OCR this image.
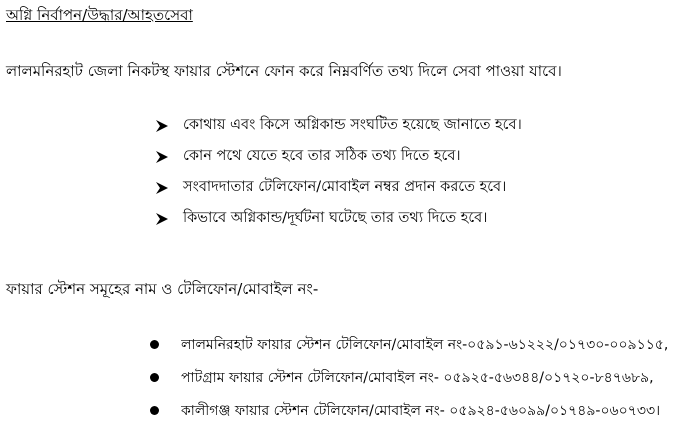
অগ্নি নির্বাপন/উদ্ধার/আহতসেবা
লালমনিরহাট জেলা নিকটস্থ ফায়ার স্টেশনে ফোন করে নিম্নবর্ণিত তথ্য দিলে সেবা পাওয়া যাবে।
কোথায় এবং কিসে অগ্নিকান্ড সংঘটিত হয়েছে জানাতে হবে।
কোন পথে যেতে হবে তার সঠিক তথ্য দিতে হবে।
সংবাদদাতার টেলিফোন/মোবাইল নম্বর প্রদান করতে হবে।
কিভাবে অগ্নিকান্ড/দূর্ঘটনা ঘটেছে তার তথ্য দিতে হবে।
ফায়ার স্টেশন সমূহের নাম ও টেলিফোন/মোবাইল নং-
লালমনিরহাট ফায়ার স্টেশন টেলিফোন/মোবাইল নং-০৫৯১-৬১২২২/০১৭৩০-০০৯১১৫,
পাটগ্রাম ফায়ার স্টেশন টেলিফোন/মোবাইল নং- ০৫৯২৫-৫৬৩৪৪/০১৭২০-৮৪৭৬৮৯,
কালীগঞ্জ ফায়ার স্টেশন টেলিফোন/মোবাইল নং- ০৫৯২৪-৫৬০৯৯/০১৭৪৯-০৬০৭৩৩।
